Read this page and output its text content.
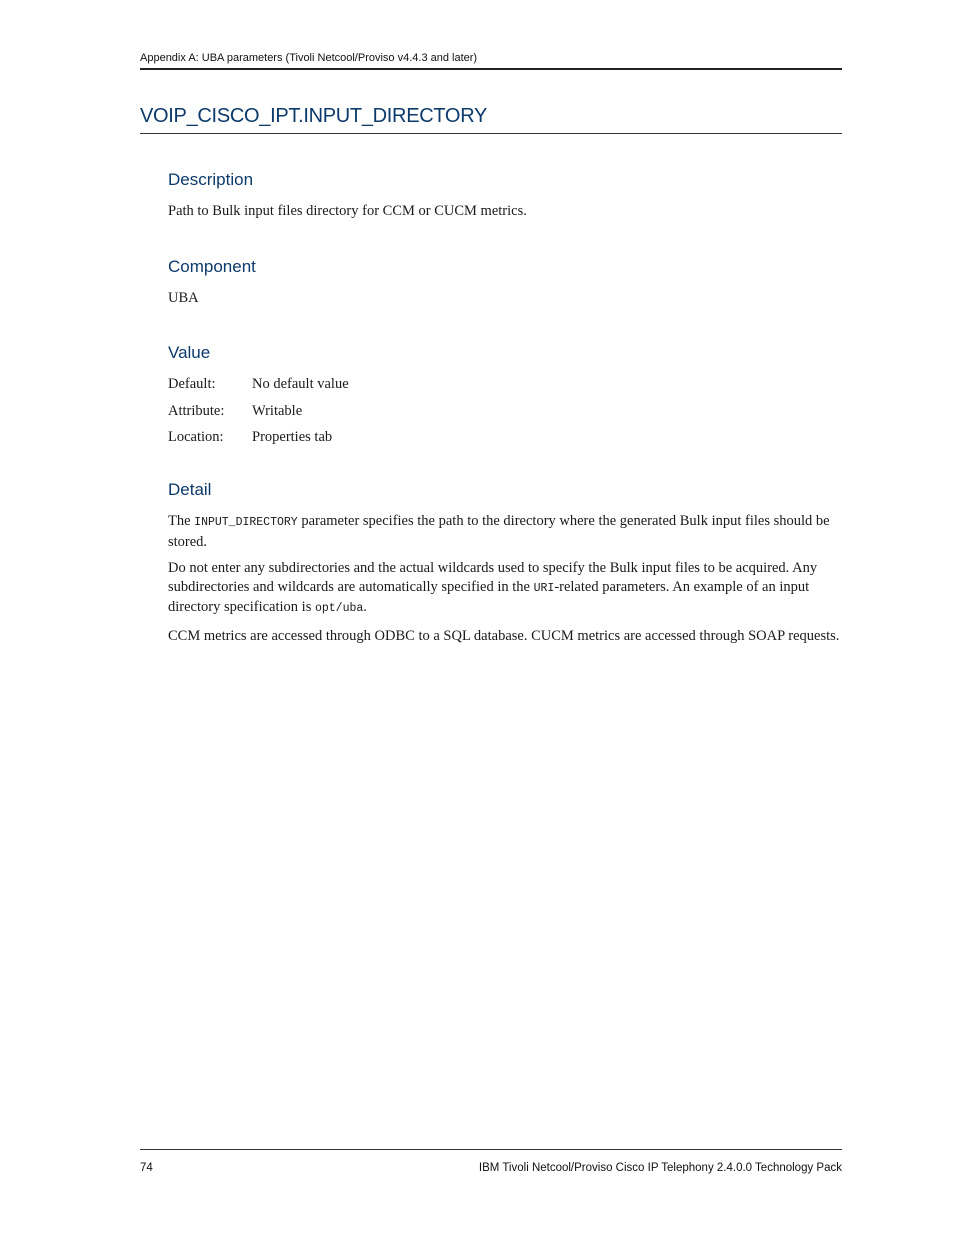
Appendix A: UBA parameters (Tivoli Netcool/Proviso v4.4.3 and later)
VOIP_CISCO_IPT.INPUT_DIRECTORY
Description

Path to Bulk input files directory for CCM or CUCM metrics.

Component

UBA

Value
Default:	No default value
Attribute:	Writable
Location:	Properties tab
Detail

The INPUT_DIRECTORY parameter specifies the path to the directory where the generated Bulk input files should be stored.

Do not enter any subdirectories and the actual wildcards used to specify the Bulk input files to be acquired. Any subdirectories and wildcards are automatically specified in the URI-related parameters. An example of an input directory specification is opt/uba.

CCM metrics are accessed through ODBC to a SQL database. CUCM metrics are accessed through SOAP requests.

74	IBM Tivoli Netcool/Proviso Cisco IP Telephony 2.4.0.0 Technology Pack
